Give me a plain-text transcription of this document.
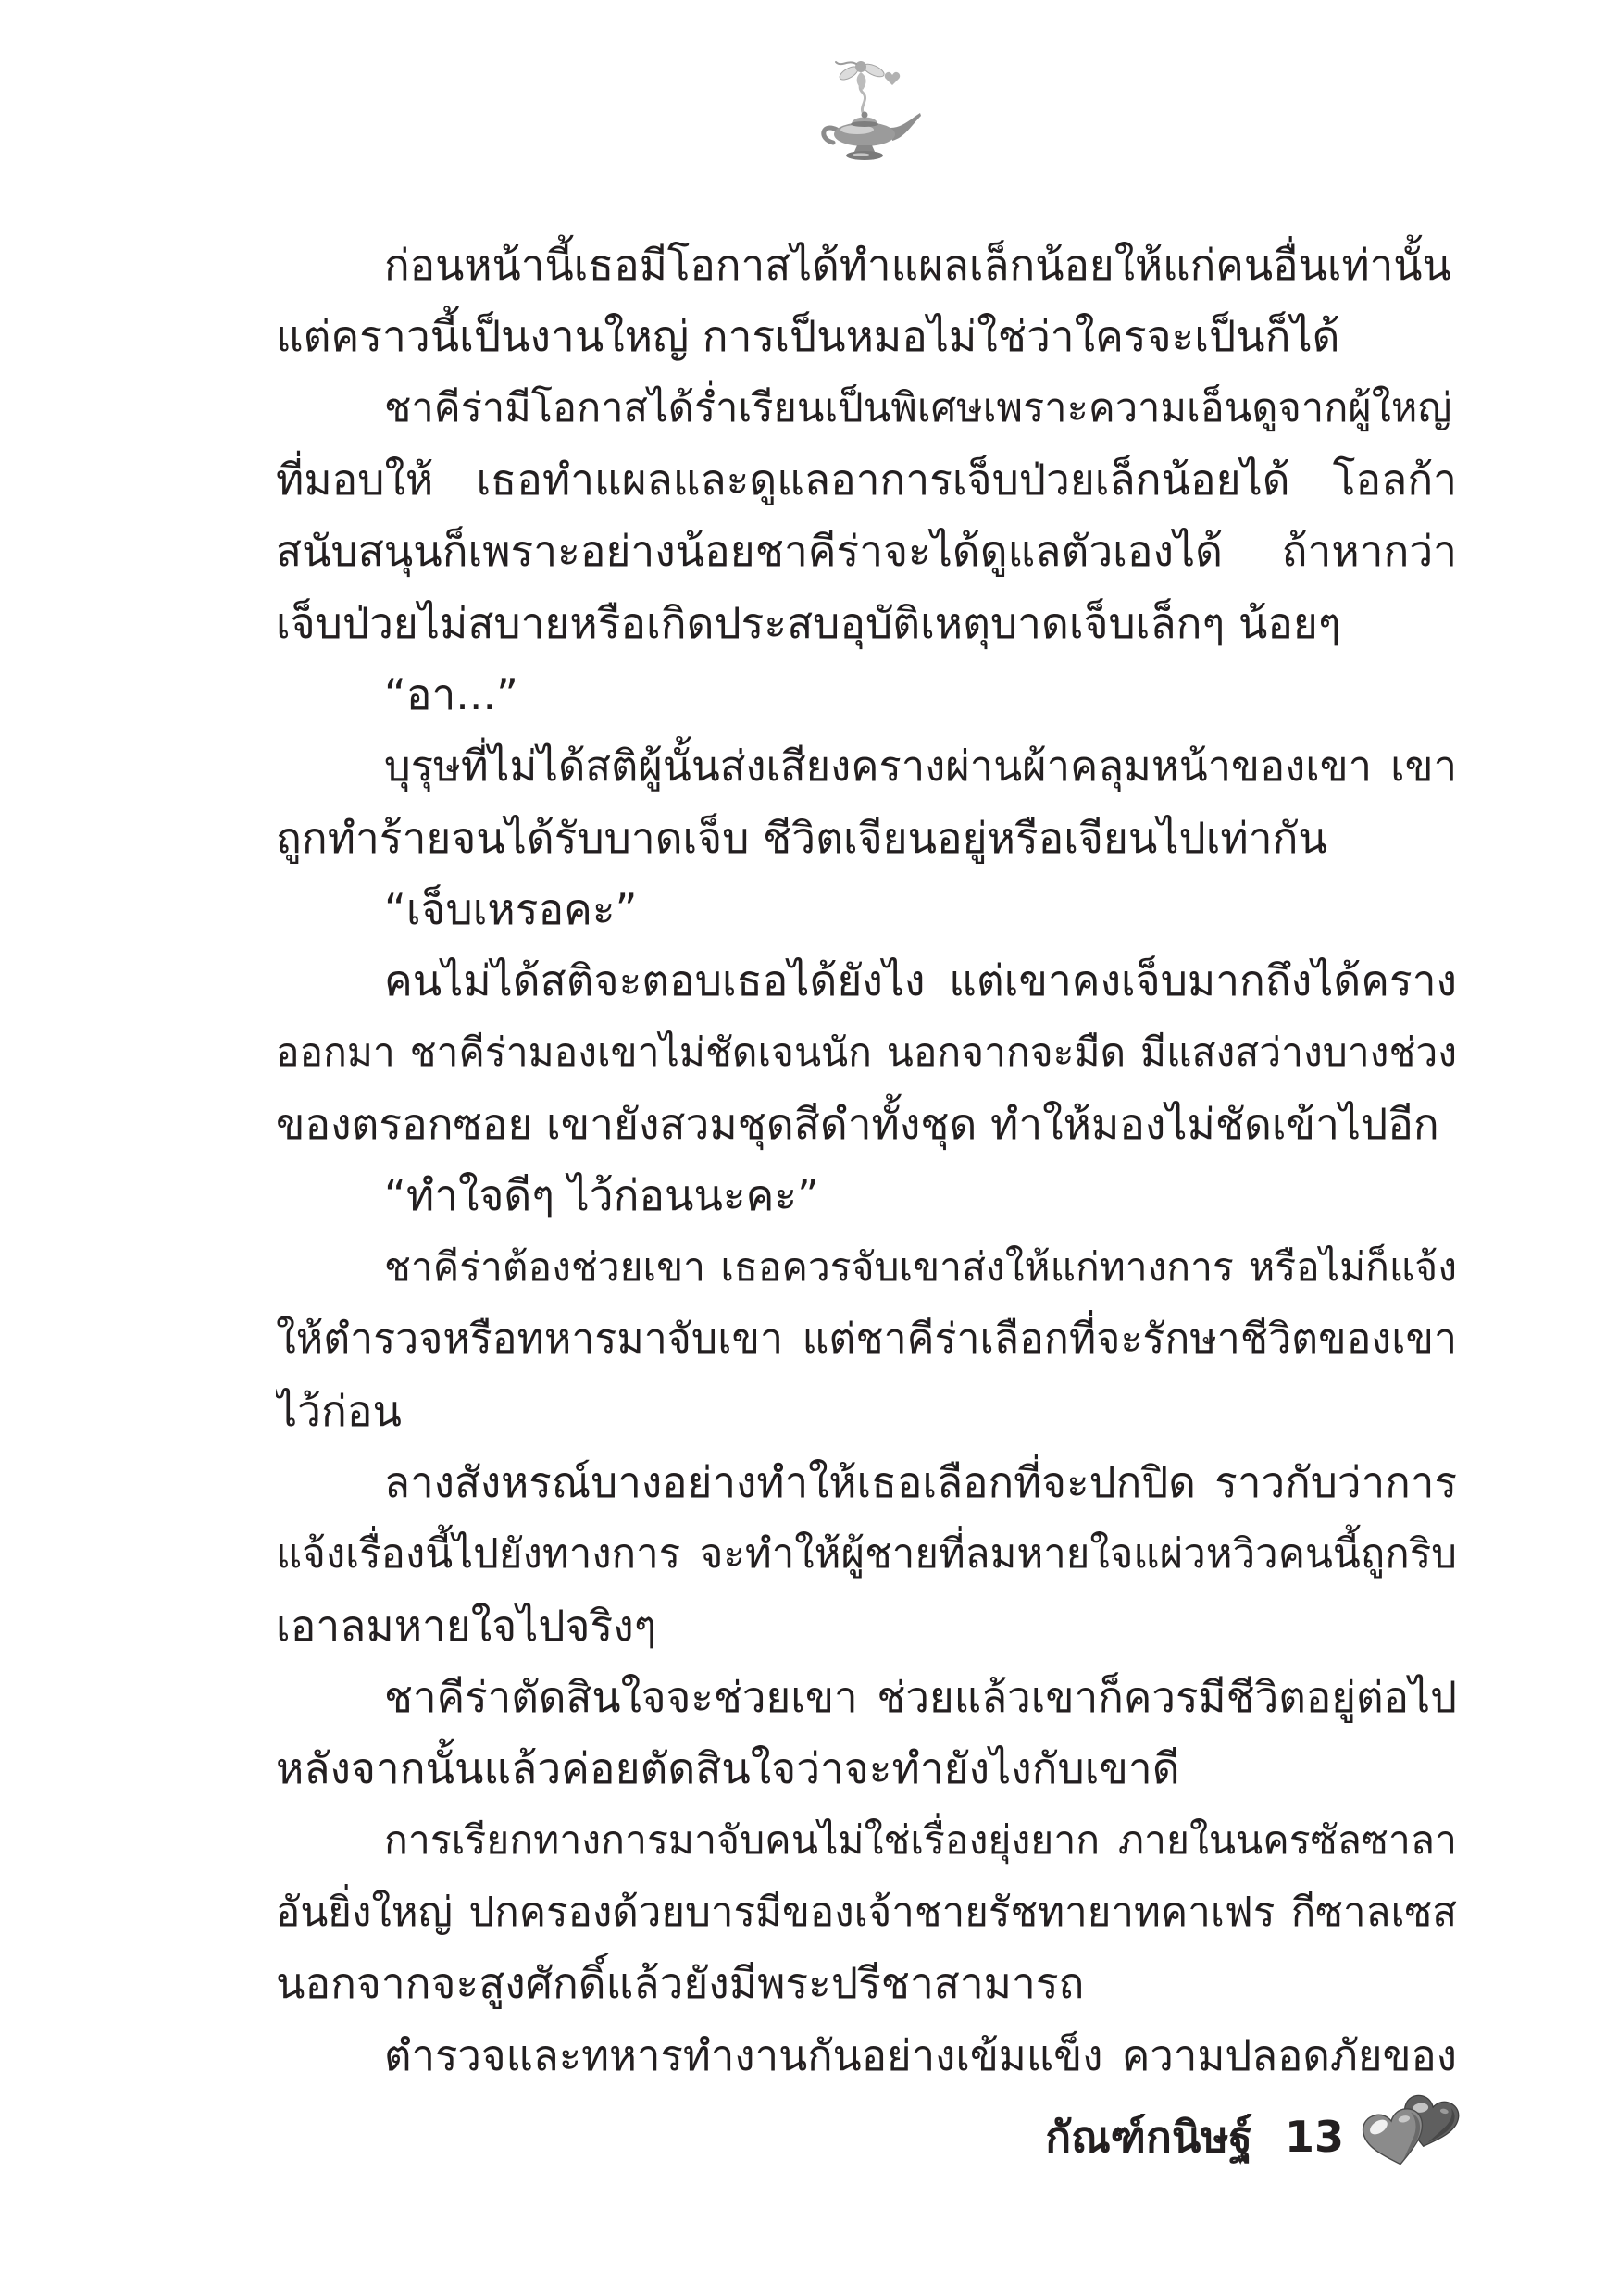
ก่อนหน้านี้เธอมีโอกาสได้ทำแผลเล็กน้อยให้แก่คนอื่นเท่านั้น
แต่คราวนี้เป็นงานใหญ่ การเป็นหมอไม่ใช่ว่าใครจะเป็นก็ได้
ชาคีร่ามีโอกาสได้ร่ำเรียนเป็นพิเศษเพราะความเอ็นดูจากผู้ใหญ่
ที่มอบให้ เธอทำแผลและดูแลอาการเจ็บป่วยเล็กน้อยได้ โอลก้า
สนับสนุนก็เพราะอย่างน้อยชาคีร่าจะได้ดูแลตัวเองได้ ถ้าหากว่า
เจ็บป่วยไม่สบายหรือเกิดประสบอุบัติเหตุบาดเจ็บเล็กๆ น้อยๆ
“อา...”
บุรุษที่ไม่ได้สติผู้นั้นส่งเสียงครางผ่านผ้าคลุมหน้าของเขา เขา
ถูกทำร้ายจนได้รับบาดเจ็บ ชีวิตเจียนอยู่หรือเจียนไปเท่ากัน
“เจ็บเหรอคะ”
คนไม่ได้สติจะตอบเธอได้ยังไง แต่เขาคงเจ็บมากถึงได้คราง
ออกมา ชาคีร่ามองเขาไม่ชัดเจนนัก นอกจากจะมืด มีแสงสว่างบางช่วง
ของตรอกซอย เขายังสวมชุดสีดำทั้งชุด ทำให้มองไม่ชัดเข้าไปอีก
“ทำใจดีๆ ไว้ก่อนนะคะ”
ชาคีร่าต้องช่วยเขา เธอควรจับเขาส่งให้แก่ทางการ หรือไม่ก็แจ้ง
ให้ตำรวจหรือทหารมาจับเขา แต่ชาคีร่าเลือกที่จะรักษาชีวิตของเขา
ไว้ก่อน
ลางสังหรณ์บางอย่างทำให้เธอเลือกที่จะปกปิด ราวกับว่าการ
แจ้งเรื่องนี้ไปยังทางการ จะทำให้ผู้ชายที่ลมหายใจแผ่วหวิวคนนี้ถูกริบ
เอาลมหายใจไปจริงๆ
ชาคีร่าตัดสินใจจะช่วยเขา ช่วยแล้วเขาก็ควรมีชีวิตอยู่ต่อไป
หลังจากนั้นแล้วค่อยตัดสินใจว่าจะทำยังไงกับเขาดี
การเรียกทางการมาจับคนไม่ใช่เรื่องยุ่งยาก ภายในนครซัลซาลา
อันยิ่งใหญ่ ปกครองด้วยบารมีของเจ้าชายรัชทายาทคาเฟร กีซาลเซส
นอกจากจะสูงศักดิ์แล้วยังมีพระปรีชาสามารถ
ตำรวจและทหารทำงานกันอย่างเข้มแข็ง ความปลอดภัยของ
กัณฑ์กนิษฐ์ 13
